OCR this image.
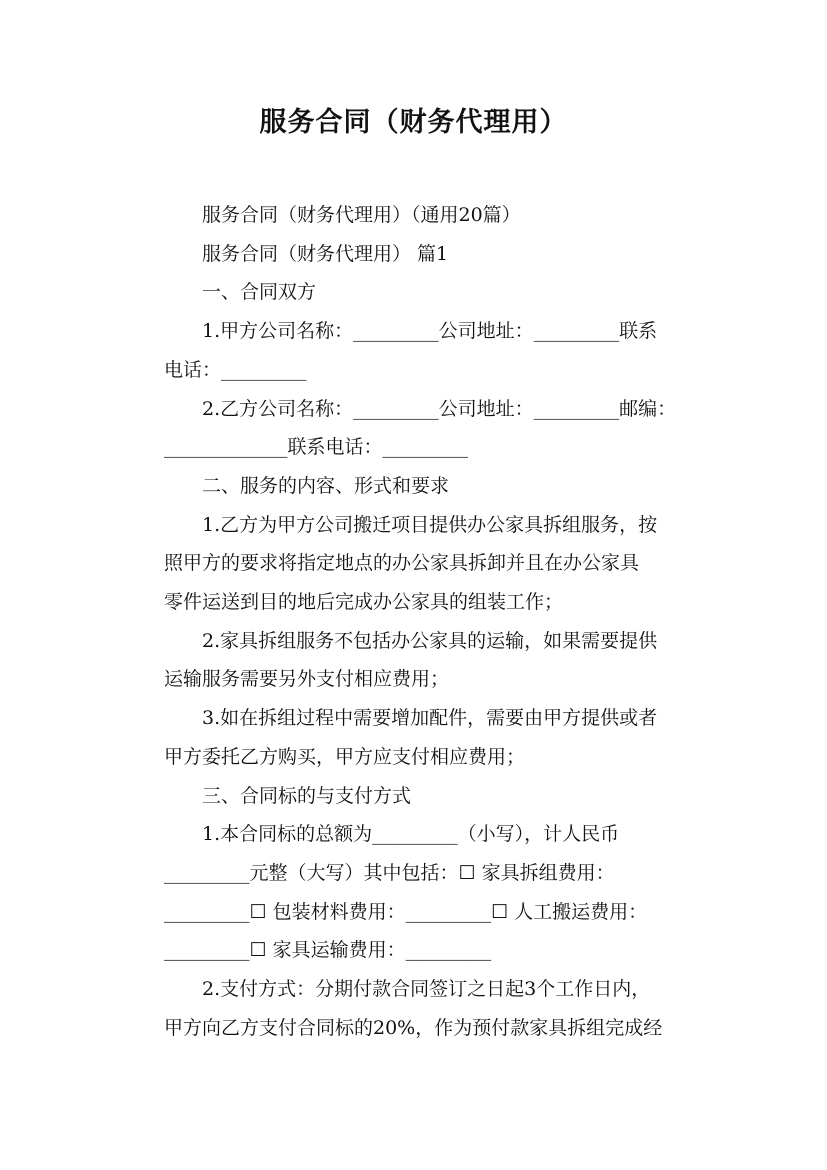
服务合同（财务代理用）

服务合同（财务代理用）（通用20篇）

服务合同（财务代理用） 篇1

一、合同双方

1.甲方公司名称：_________公司地址：_________联系
电话：_________

2.乙方公司名称：_________公司地址：_________邮编：
_____________联系电话：_________

二、服务的内容、形式和要求

1.乙方为甲方公司搬迁项目提供办公家具拆组服务，按
照甲方的要求将指定地点的办公家具拆卸并且在办公家具
零件运送到目的地后完成办公家具的组装工作；

2.家具拆组服务不包括办公家具的运输，如果需要提供
运输服务需要另外支付相应费用；

3.如在拆组过程中需要增加配件，需要由甲方提供或者
甲方委托乙方购买，甲方应支付相应费用；

三、合同标的与支付方式

1.本合同标的总额为_________（小写），计人民币
_________元整（大写）其中包括：☐ 家具拆组费用：
_________☐ 包装材料费用：_________☐ 人工搬运费用：
_________☐ 家具运输费用：_________

2.支付方式：分期付款合同签订之日起3个工作日内，
甲方向乙方支付合同标的20%，作为预付款家具拆组完成经
